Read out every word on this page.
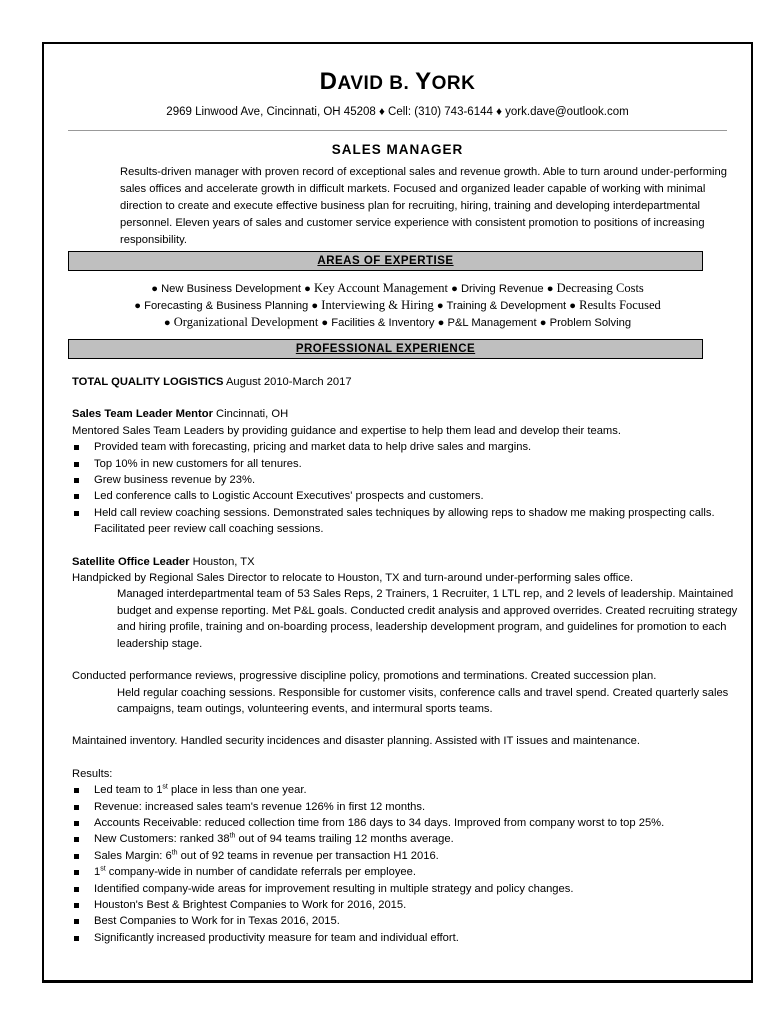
DAVID B. YORK
2969 Linwood Ave, Cincinnati, OH 45208 ♦ Cell: (310) 743-6144 ♦ york.dave@outlook.com
SALES MANAGER
Results-driven manager with proven record of exceptional sales and revenue growth. Able to turn around under-performing sales offices and accelerate growth in difficult markets. Focused and organized leader capable of working with minimal direction to create and execute effective business plan for recruiting, hiring, training and developing interdepartmental personnel. Eleven years of sales and customer service experience with consistent promotion to positions of increasing responsibility.
AREAS OF EXPERTISE
● New Business Development ● Key Account Management ● Driving Revenue ● Decreasing Costs
● Forecasting & Business Planning ● Interviewing & Hiring ● Training & Development ● Results Focused
● Organizational Development ● Facilities & Inventory ● P&L Management ● Problem Solving
PROFESSIONAL EXPERIENCE

TOTAL QUALITY LOGISTICS August 2010-March 2017

Sales Team Leader Mentor Cincinnati, OH

Mentored Sales Team Leaders by providing guidance and expertise to help them lead and develop their teams.

Provided team with forecasting, pricing and market data to help drive sales and margins.
Top 10% in new customers for all tenures.
Grew business revenue by 23%.
Led conference calls to Logistic Account Executives' prospects and customers.
Held call review coaching sessions. Demonstrated sales techniques by allowing reps to shadow me making prospecting calls. Facilitated peer review call coaching sessions.

Satellite Office Leader Houston, TX

Handpicked by Regional Sales Director to relocate to Houston, TX and turn-around under-performing sales office.

Managed interdepartmental team of 53 Sales Reps, 2 Trainers, 1 Recruiter, 1 LTL rep, and 2 levels of leadership. Maintained budget and expense reporting. Met P&L goals. Conducted credit analysis and approved overrides. Created recruiting strategy and hiring profile, training and on-boarding process, leadership development program, and guidelines for promotion to each leadership stage.

Conducted performance reviews, progressive discipline policy, promotions and terminations. Created succession plan.

Held regular coaching sessions. Responsible for customer visits, conference calls and travel spend. Created quarterly sales campaigns, team outings, volunteering events, and intermural sports teams.

Maintained inventory. Handled security incidences and disaster planning. Assisted with IT issues and maintenance.

Results:

Led team to 1st place in less than one year.
Revenue: increased sales team's revenue 126% in first 12 months.
Accounts Receivable: reduced collection time from 186 days to 34 days. Improved from company worst to top 25%.
New Customers: ranked 38th out of 94 teams trailing 12 months average.
Sales Margin: 6th out of 92 teams in revenue per transaction H1 2016.
1st company-wide in number of candidate referrals per employee.
Identified company-wide areas for improvement resulting in multiple strategy and policy changes.
Houston's Best & Brightest Companies to Work for 2016, 2015.
Best Companies to Work for in Texas 2016, 2015.
Significantly increased productivity measure for team and individual effort.
